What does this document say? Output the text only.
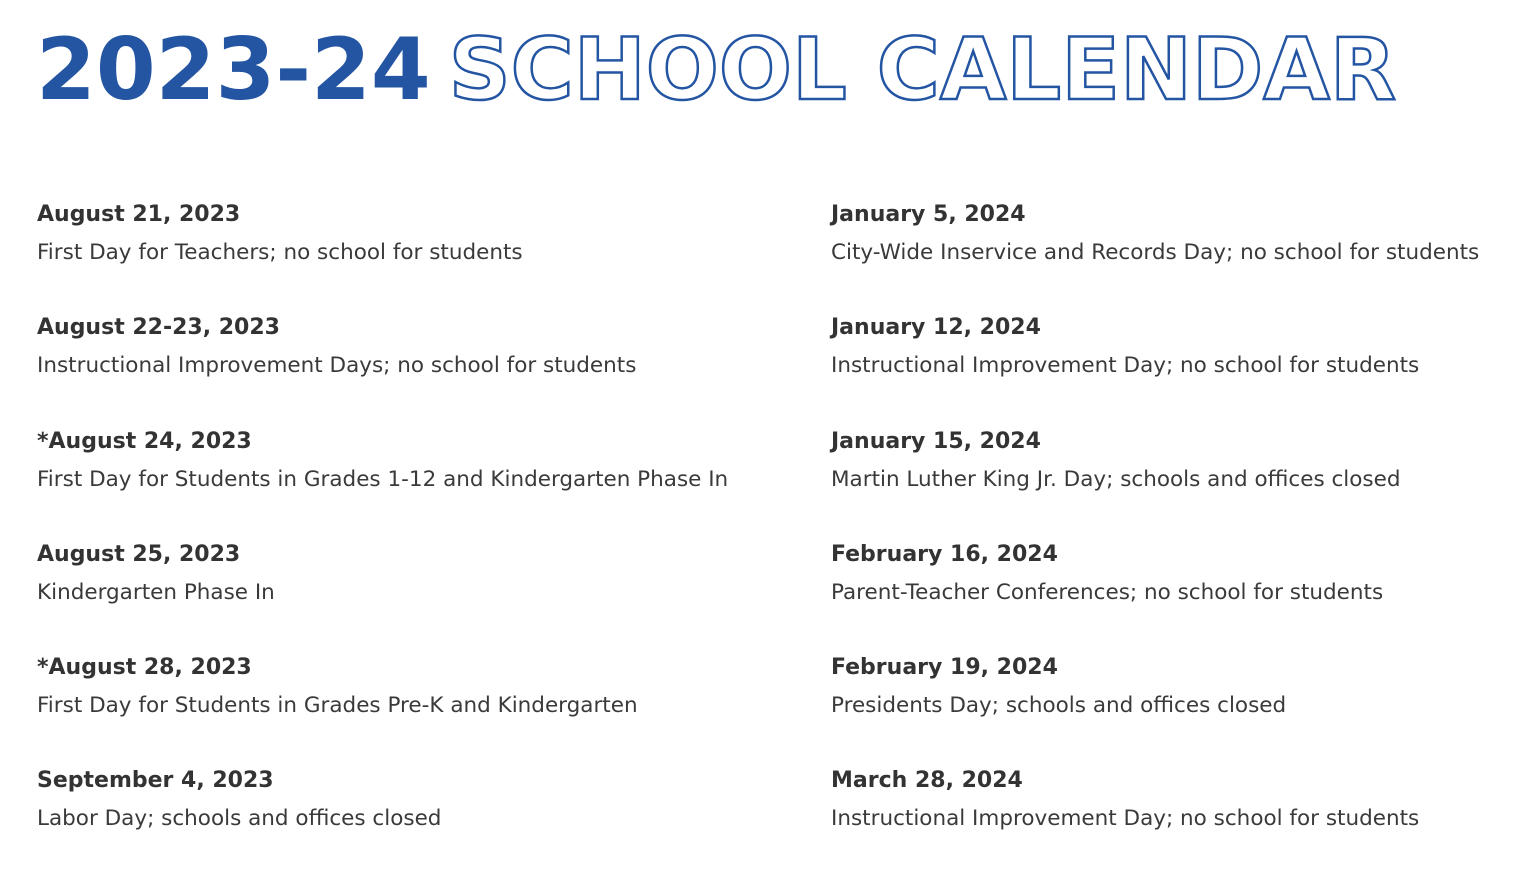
2023-24 SCHOOL CALENDAR
August 21, 2023
First Day for Teachers; no school for students
August 22-23, 2023
Instructional Improvement Days; no school for students
*August 24, 2023
First Day for Students in Grades 1-12 and Kindergarten Phase In
August 25, 2023
Kindergarten Phase In
*August 28, 2023
First Day for Students in Grades Pre-K and Kindergarten
September 4, 2023
Labor Day; schools and offices closed
January 5, 2024
City-Wide Inservice and Records Day; no school for students
January 12, 2024
Instructional Improvement Day; no school for students
January 15, 2024
Martin Luther King Jr. Day; schools and offices closed
February 16, 2024
Parent-Teacher Conferences; no school for students
February 19, 2024
Presidents Day; schools and offices closed
March 28, 2024
Instructional Improvement Day; no school for students
